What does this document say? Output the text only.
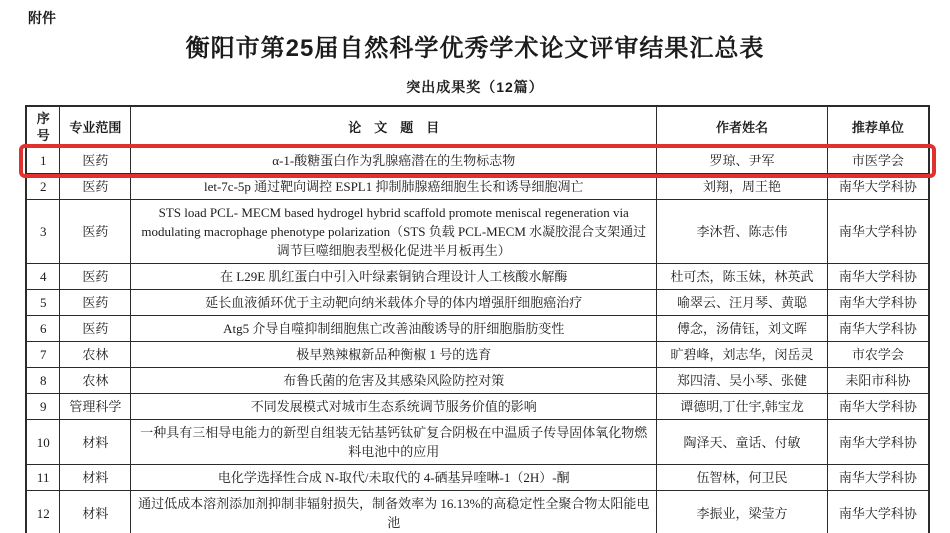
附件
衡阳市第25届自然科学优秀学术论文评审结果汇总表
突出成果奖（12篇）
序号	专业范围	论　文　题　目	作者姓名	推荐单位
1	医药	α-1-酸糖蛋白作为乳腺癌潜在的生物标志物	罗琼、尹军	市医学会
2	医药	let-7c-5p 通过靶向调控 ESPL1 抑制肺腺癌细胞生长和诱导细胞凋亡	刘翔，周王艳	南华大学科协
3	医药	STS load PCL- MECM based hydrogel hybrid scaffold promote meniscal regeneration via modulating macrophage phenotype polarization（STS 负载 PCL-MECM 水凝胶混合支架通过调节巨噬细胞表型极化促进半月板再生）	李沐哲、陈志伟	南华大学科协
4	医药	在 L29E 肌红蛋白中引入叶绿素铜钠合理设计人工核酸水解酶	杜可杰，陈玉妹，林英武	南华大学科协
5	医药	延长血液循环优于主动靶向纳米载体介导的体内增强肝细胞癌治疗	喻翠云、汪月琴、黄聪	南华大学科协
6	医药	Atg5 介导自噬抑制细胞焦亡改善油酸诱导的肝细胞脂肪变性	傅念，汤倩钰，刘文晖	南华大学科协
7	农林	极早熟辣椒新品种衡椒 1 号的选育	旷碧峰，刘志华，闵岳灵	市农学会
8	农林	布鲁氏菌的危害及其感染风险防控对策	郑四清、吴小琴、张健	耒阳市科协
9	管理科学	不同发展模式对城市生态系统调节服务价值的影响	谭德明,丁仕宇,韩宝龙	南华大学科协
10	材料	一种具有三相导电能力的新型自组装无钴基钙钛矿复合阴极在中温质子传导固体氧化物燃料电池中的应用	陶泽天、童话、付敏	南华大学科协
11	材料	电化学选择性合成 N-取代/未取代的 4-硒基异喹啉-1（2H）-酮	伍智林，何卫民	南华大学科协
12	材料	通过低成本溶剂添加剂抑制非辐射损失，制备效率为 16.13%的高稳定性全聚合物太阳能电池	李振业，梁莹方	南华大学科协
